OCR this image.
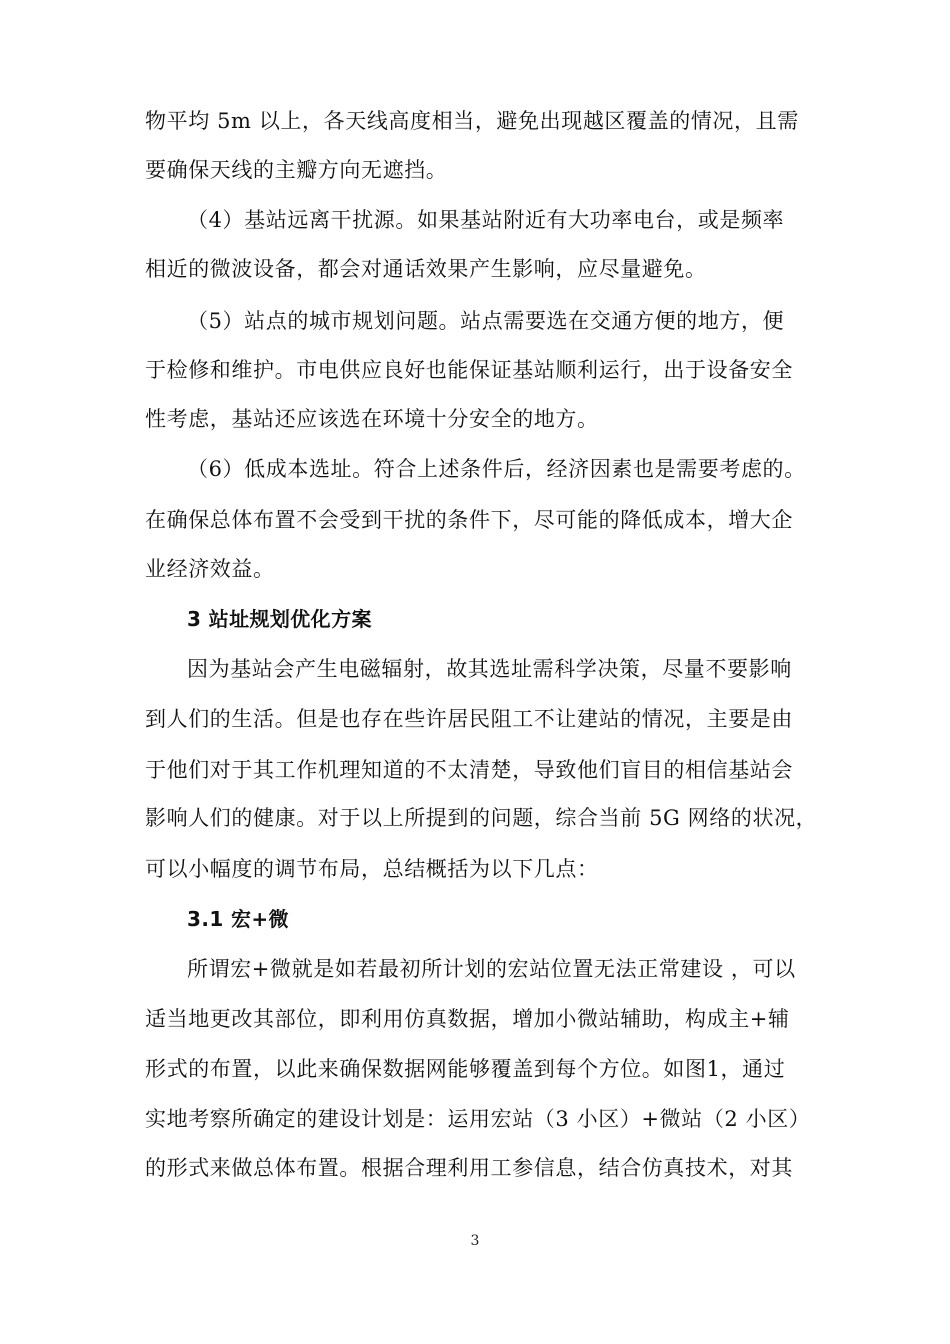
物平均 5m 以上，各天线高度相当，避免出现越区覆盖的情况，且需
要确保天线的主瓣方向无遮挡。
（4）基站远离干扰源。如果基站附近有大功率电台，或是频率
相近的微波设备，都会对通话效果产生影响，应尽量避免。
（5）站点的城市规划问题。站点需要选在交通方便的地方，便
于检修和维护。市电供应良好也能保证基站顺利运行，出于设备安全
性考虑，基站还应该选在环境十分安全的地方。
（6）低成本选址。符合上述条件后，经济因素也是需要考虑的。
在确保总体布置不会受到干扰的条件下，尽可能的降低成本，增大企
业经济效益。
3 站址规划优化方案
因为基站会产生电磁辐射，故其选址需科学决策，尽量不要影响
到人们的生活。但是也存在些许居民阻工不让建站的情况，主要是由
于他们对于其工作机理知道的不太清楚，导致他们盲目的相信基站会
影响人们的健康。对于以上所提到的问题，综合当前 5G 网络的状况，
可以小幅度的调节布局，总结概括为以下几点：
3.1 宏+微
所谓宏+微就是如若最初所计划的宏站位置无法正常建设 ，可以
适当地更改其部位，即利用仿真数据，增加小微站辅助，构成主+辅
形式的布置，以此来确保数据网能够覆盖到每个方位。如图1，通过
实地考察所确定的建设计划是：运用宏站（3 小区）+微站（2 小区）
的形式来做总体布置。根据合理利用工参信息，结合仿真技术，对其
3
